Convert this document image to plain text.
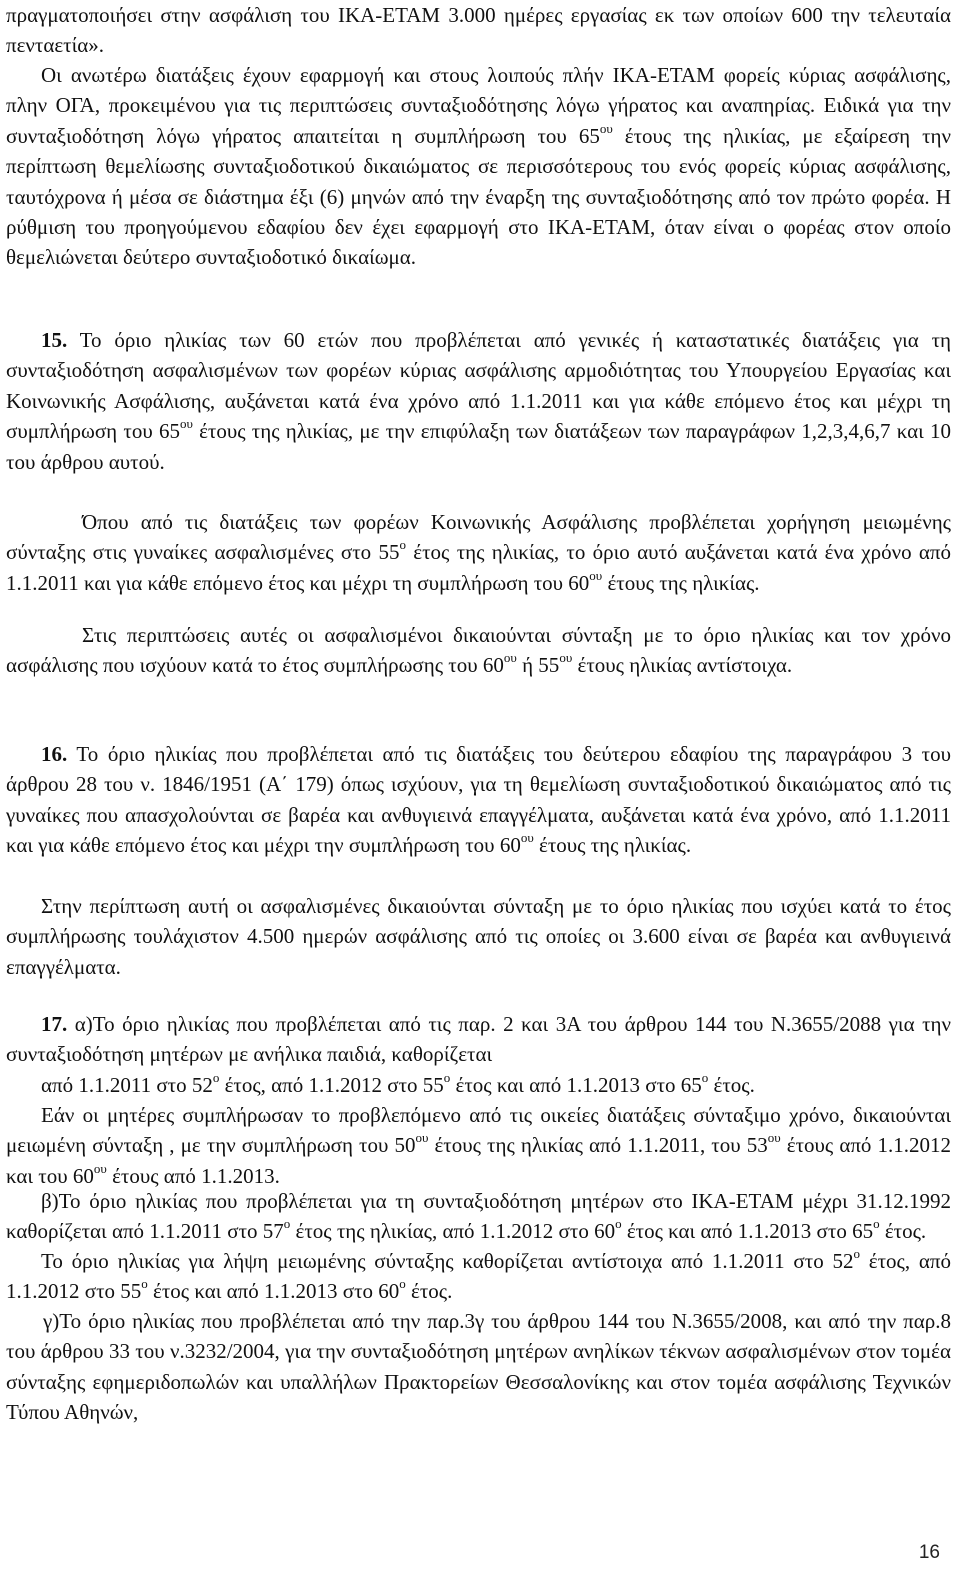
πραγματοποιήσει στην ασφάλιση του ΙΚΑ-ΕΤΑΜ 3.000 ημέρες εργασίας εκ των οποίων 600 την τελευταία πενταετία».

Οι ανωτέρω διατάξεις έχουν εφαρμογή και στους λοιπούς πλήν ΙΚΑ-ΕΤΑΜ φορείς κύριας ασφάλισης, πλην ΟΓΑ, προκειμένου για τις περιπτώσεις συνταξιοδότησης λόγω γήρατος και αναπηρίας. Ειδικά για την συνταξιοδότηση λόγω γήρατος απαιτείται η συμπλήρωση του $65^{o\upsilon}$ έτους της ηλικίας, με εξαίρεση την περίπτωση θεμελίωσης συνταξιοδοτικού δικαιώματος σε περισσότερους του ενός φορείς κύριας ασφάλισης, ταυτόχρονα ή μέσα σε διάστημα έξι (6) μηνών από την έναρξη της συνταξιοδότησης από τον πρώτο φορέα. Η ρύθμιση του προηγούμενου εδαφίου δεν έχει εφαρμογή στο ΙΚΑ-ΕΤΑΜ, όταν είναι ο φορέας στον οποίο θεμελιώνεται δεύτερο συνταξιοδοτικό δικαίωμα.

15. Το όριο ηλικίας των 60 ετών που προβλέπεται από γενικές ή καταστατικές διατάξεις για τη συνταξιοδότηση ασφαλισμένων των φορέων κύριας ασφάλισης αρμοδιότητας του Υπουργείου Εργασίας και Κοινωνικής Ασφάλισης, αυξάνεται κατά ένα χρόνο από 1.1.2011 και για κάθε επόμενο έτος και μέχρι τη συμπλήρωση του $65^{o\upsilon}$ έτους της ηλικίας, με την επιφύλαξη των διατάξεων των παραγράφων 1,2,3,4,6,7 και 10 του άρθρου αυτού.

Όπου από τις διατάξεις των φορέων Κοινωνικής Ασφάλισης προβλέπεται χορήγηση μειωμένης σύνταξης στις γυναίκες ασφαλισμένες στο $55^o$ έτος της ηλικίας, το όριο αυτό αυξάνεται κατά ένα χρόνο από 1.1.2011 και για κάθε επόμενο έτος και μέχρι τη συμπλήρωση του $60^{o\upsilon}$ έτους της ηλικίας.

Στις περιπτώσεις αυτές οι ασφαλισμένοι δικαιούνται σύνταξη με το όριο ηλικίας και τον χρόνο ασφάλισης που ισχύουν κατά το έτος συμπλήρωσης του $60^{o\upsilon}$ ή $55^{o\upsilon}$ έτους ηλικίας αντίστοιχα.

16. Το όριο ηλικίας που προβλέπεται από τις διατάξεις του δεύτερου εδαφίου της παραγράφου 3 του άρθρου 28 του ν. 1846/1951 (Α΄ 179) όπως ισχύουν, για τη θεμελίωση συνταξιοδοτικού δικαιώματος από τις γυναίκες που απασχολούνται σε βαρέα και ανθυγιεινά επαγγέλματα, αυξάνεται κατά ένα χρόνο, από 1.1.2011 και για κάθε επόμενο έτος και μέχρι την συμπλήρωση του $60^{o\upsilon}$ έτους της ηλικίας.

Στην περίπτωση αυτή οι ασφαλισμένες δικαιούνται σύνταξη με το όριο ηλικίας που ισχύει κατά το έτος συμπλήρωσης τουλάχιστον 4.500 ημερών ασφάλισης από τις οποίες οι 3.600 είναι σε βαρέα και ανθυγιεινά επαγγέλματα.

17. α)Το όριο ηλικίας που προβλέπεται από τις παρ. 2 και 3Α του άρθρου 144 του Ν.3655/2088 για την συνταξιοδότηση μητέρων με ανήλικα παιδιά, καθορίζεται

από 1.1.2011 στο $52^o$ έτος, από 1.1.2012 στο $55^o$ έτος και από 1.1.2013 στο $65^o$ έτος.

Εάν οι μητέρες συμπλήρωσαν το προβλεπόμενο από τις οικείες διατάξεις σύνταξιμο χρόνο, δικαιούνται μειωμένη σύνταξη , με την συμπλήρωση του $50^{o\upsilon}$ έτους της ηλικίας από 1.1.2011, του $53^{o\upsilon}$ έτους από 1.1.2012 και του $60^{o\upsilon}$ έτους από 1.1.2013.

β)Το όριο ηλικίας που προβλέπεται για τη συνταξιοδότηση μητέρων στο ΙΚΑ-ΕΤΑΜ μέχρι 31.12.1992 καθορίζεται από 1.1.2011 στο $57^o$ έτος της ηλικίας, από 1.1.2012 στο $60^o$ έτος και από 1.1.2013 στο $65^o$ έτος.

Το όριο ηλικίας για λήψη μειωμένης σύνταξης καθορίζεται αντίστοιχα από 1.1.2011 στο $52^o$ έτος, από 1.1.2012 στο $55^o$ έτος και από 1.1.2013 στο $60^o$ έτος.

γ)Το όριο ηλικίας που προβλέπεται από την παρ.3γ του άρθρου 144 του Ν.3655/2008, και από την παρ.8 του άρθρου 33 του ν.3232/2004, για την συνταξιοδότηση μητέρων ανηλίκων τέκνων ασφαλισμένων στον τομέα σύνταξης εφημεριδοπωλών και υπαλλήλων Πρακτορείων Θεσσαλονίκης και στον τομέα ασφάλισης Τεχνικών Τύπου Αθηνών,

16
